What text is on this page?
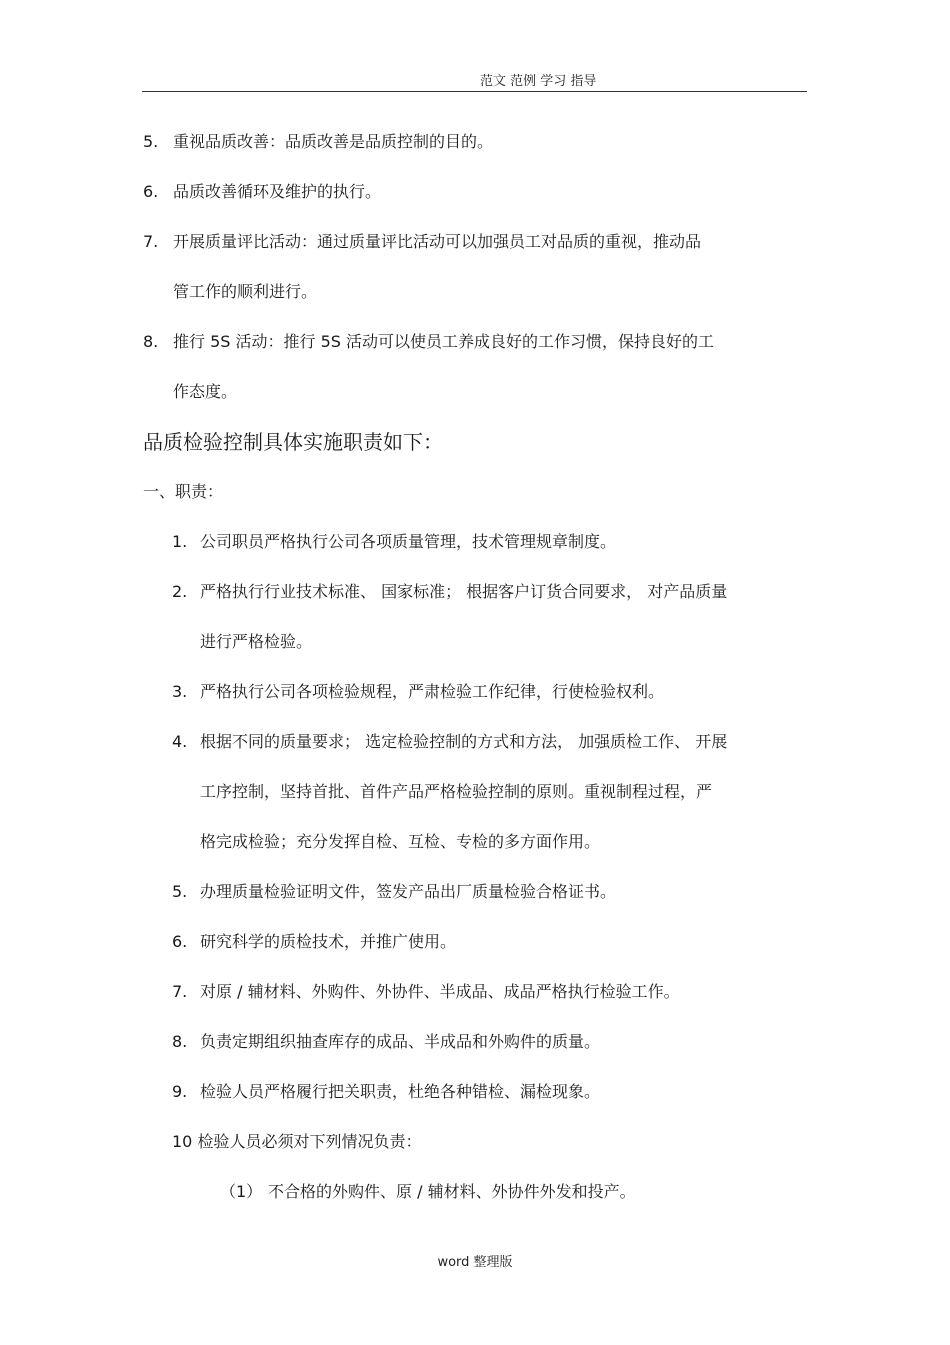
范文 范例 学习 指导
5. 重视品质改善：品质改善是品质控制的目的。
6. 品质改善循环及维护的执行。
7. 开展质量评比活动：通过质量评比活动可以加强员工对品质的重视，推动品
管工作的顺利进行。
8. 推行 5S 活动：推行 5S 活动可以使员工养成良好的工作习惯，保持良好的工
作态度。
品质检验控制具体实施职责如下：
一、职责：
1. 公司职员严格执行公司各项质量管理，技术管理规章制度。
2. 严格执行行业技术标准、 国家标准； 根据客户订货合同要求， 对产品质量
进行严格检验。
3. 严格执行公司各项检验规程，严肃检验工作纪律，行使检验权利。
4. 根据不同的质量要求； 选定检验控制的方式和方法， 加强质检工作、 开展
工序控制，坚持首批、首件产品严格检验控制的原则。重视制程过程，严
格完成检验；充分发挥自检、互检、专检的多方面作用。
5. 办理质量检验证明文件，签发产品出厂质量检验合格证书。
6. 研究科学的质检技术，并推广使用。
7. 对原 / 辅材料、外购件、外协件、半成品、成品严格执行检验工作。
8. 负责定期组织抽查库存的成品、半成品和外购件的质量。
9. 检验人员严格履行把关职责，杜绝各种错检、漏检现象。
10 检验人员必须对下列情况负责：
（1） 不合格的外购件、原 / 辅材料、外协件外发和投产。
word 整理版
